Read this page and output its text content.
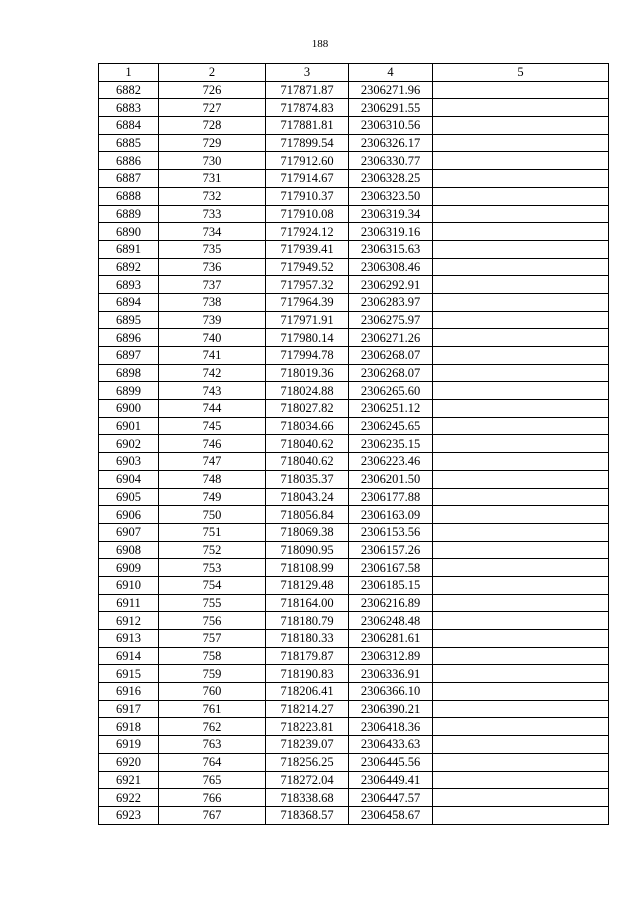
188
1	2	3	4	5
6882	726	717871.87	2306271.96	
6883	727	717874.83	2306291.55	
6884	728	717881.81	2306310.56	
6885	729	717899.54	2306326.17	
6886	730	717912.60	2306330.77	
6887	731	717914.67	2306328.25	
6888	732	717910.37	2306323.50	
6889	733	717910.08	2306319.34	
6890	734	717924.12	2306319.16	
6891	735	717939.41	2306315.63	
6892	736	717949.52	2306308.46	
6893	737	717957.32	2306292.91	
6894	738	717964.39	2306283.97	
6895	739	717971.91	2306275.97	
6896	740	717980.14	2306271.26	
6897	741	717994.78	2306268.07	
6898	742	718019.36	2306268.07	
6899	743	718024.88	2306265.60	
6900	744	718027.82	2306251.12	
6901	745	718034.66	2306245.65	
6902	746	718040.62	2306235.15	
6903	747	718040.62	2306223.46	
6904	748	718035.37	2306201.50	
6905	749	718043.24	2306177.88	
6906	750	718056.84	2306163.09	
6907	751	718069.38	2306153.56	
6908	752	718090.95	2306157.26	
6909	753	718108.99	2306167.58	
6910	754	718129.48	2306185.15	
6911	755	718164.00	2306216.89	
6912	756	718180.79	2306248.48	
6913	757	718180.33	2306281.61	
6914	758	718179.87	2306312.89	
6915	759	718190.83	2306336.91	
6916	760	718206.41	2306366.10	
6917	761	718214.27	2306390.21	
6918	762	718223.81	2306418.36	
6919	763	718239.07	2306433.63	
6920	764	718256.25	2306445.56	
6921	765	718272.04	2306449.41	
6922	766	718338.68	2306447.57	
6923	767	718368.57	2306458.67	
